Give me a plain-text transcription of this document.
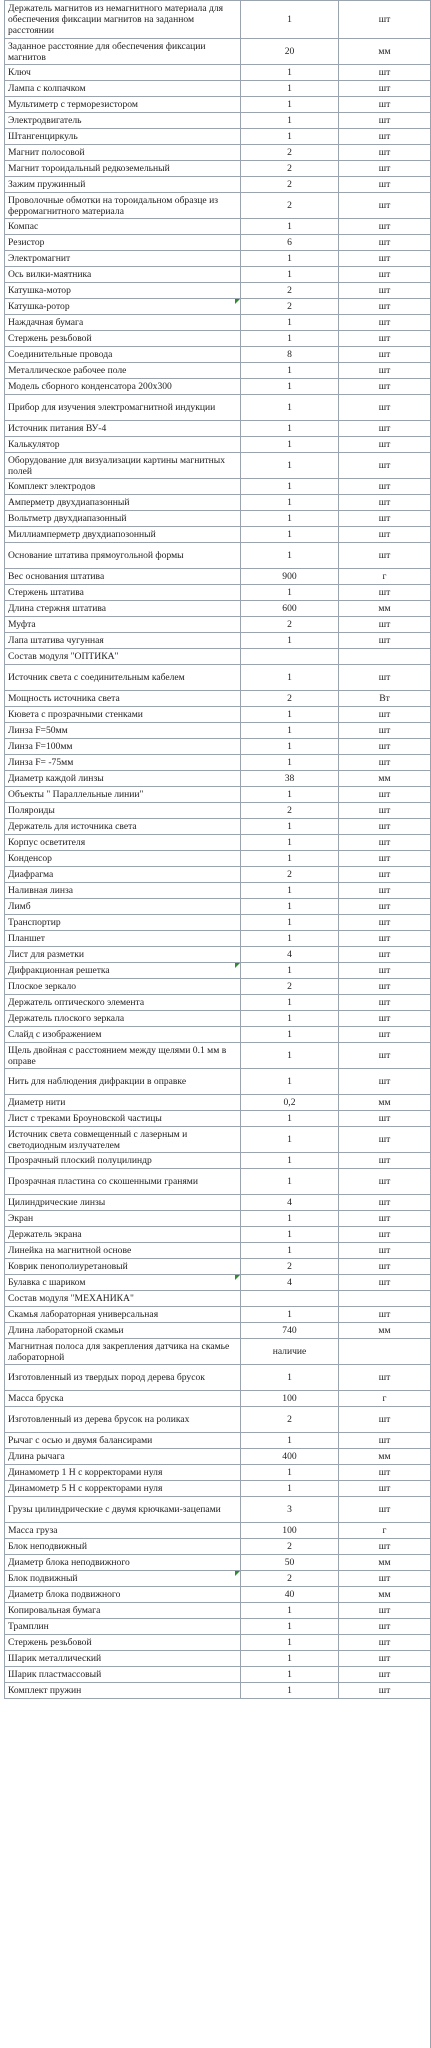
Держатель магнитов из немагнитного материала для обеспечения фиксации магнитов на заданном расстоянии	1	шт
Заданное расстояние для обеспечения фиксации магнитов	20	мм
Ключ	1	шт
Лампа с колпачком	1	шт
Мультиметр с терморезистором	1	шт
Электродвигатель	1	шт
Штангенциркуль	1	шт
Магнит полосовой	2	шт
Магнит тороидальный редкоземельный	2	шт
Зажим пружинный	2	шт
Проволочные обмотки на тороидальном образце из ферромагнитного материала	2	шт
Компас	1	шт
Резистор	6	шт
Электромагнит	1	шт
Ось вилки-маятника	1	шт
Катушка-мотор	2	шт
Катушка-ротор	2	шт
Наждачная бумага	1	шт
Стержень резьбовой	1	шт
Соединительные провода	8	шт
Металлическое рабочее поле	1	шт
Модель сборного конденсатора 200х300	1	шт
Прибор для изучения электромагнитной индукции	1	шт
Источник питания ВУ-4	1	шт
Калькулятор	1	шт
Оборудование для визуализации картины магнитных полей	1	шт
Комплект электродов	1	шт
Амперметр двухдиапазонный	1	шт
Вольтметр двухдиапазонный	1	шт
Миллиамперметр двухдиапозонный	1	шт
Основание штатива прямоугольной формы	1	шт
Вес основания штатива	900	г
Стержень штатива	1	шт
Длина стержня штатива	600	мм
Муфта	2	шт
Лапа штатива чугунная	1	шт
Состав модуля "ОПТИКА"		
Источник света с соединительным кабелем	1	шт
Мощность источника света	2	Вт
Кювета с прозрачными стенками	1	шт
Линза F=50мм	1	шт
Линза F=100мм	1	шт
Линза F= -75мм	1	шт
Диаметр каждой линзы	38	мм
Объекты " Параллельные линии"	1	шт
Поляроиды	2	шт
Держатель для источника света	1	шт
Корпус осветителя	1	шт
Конденсор	1	шт
Диафрагма	2	шт
Наливная линза	1	шт
Лимб	1	шт
Транспортир	1	шт
Планшет	1	шт
Лист для разметки	4	шт
Дифракционная решетка	1	шт
Плоское зеркало	2	шт
Держатель оптического элемента	1	шт
Держатель плоского зеркала	1	шт
Слайд с изображением	1	шт
Щель двойная с расстоянием между щелями 0.1 мм в оправе	1	шт
Нить для наблюдения дифракции в оправке	1	шт
Диаметр нити	0,2	мм
Лист с треками Броуновской частицы	1	шт
Источник света совмещенный с лазерным и светодиодным излучателем	1	шт
Прозрачный плоский полуцилиндр	1	шт
Прозрачная пластина со скошенными гранями	1	шт
Цилиндрические линзы	4	шт
Экран	1	шт
Держатель экрана	1	шт
Линейка на магнитной основе	1	шт
Коврик пенополиуретановый	2	шт
Булавка с шариком	4	шт
Состав модуля "МЕХАНИКА"		
Скамья лабораторная универсальная	1	шт
Длина лабораторной скамьи	740	мм
Магнитная полоса для закрепления датчика на скамье лабораторной	наличие	
Изготовленный из твердых пород дерева брусок	1	шт
Масса бруска	100	г
Изготовленный из дерева брусок на роликах	2	шт
Рычаг с осью и двумя балансирами	1	шт
Длина рычага	400	мм
Динамометр 1 Н с корректорами нуля	1	шт
Динамометр 5 Н с корректорами нуля	1	шт
Грузы цилиндрические с двумя крючками-зацепами	3	шт
Масса груза	100	г
Блок неподвижный	2	шт
Диаметр блока неподвижного	50	мм
Блок подвижный	2	шт
Диаметр блока подвижного	40	мм
Копировальная бумага	1	шт
Трамплин	1	шт
Стержень резьбовой	1	шт
Шарик металлический	1	шт
Шарик пластмассовый	1	шт
Комплект пружин	1	шт
